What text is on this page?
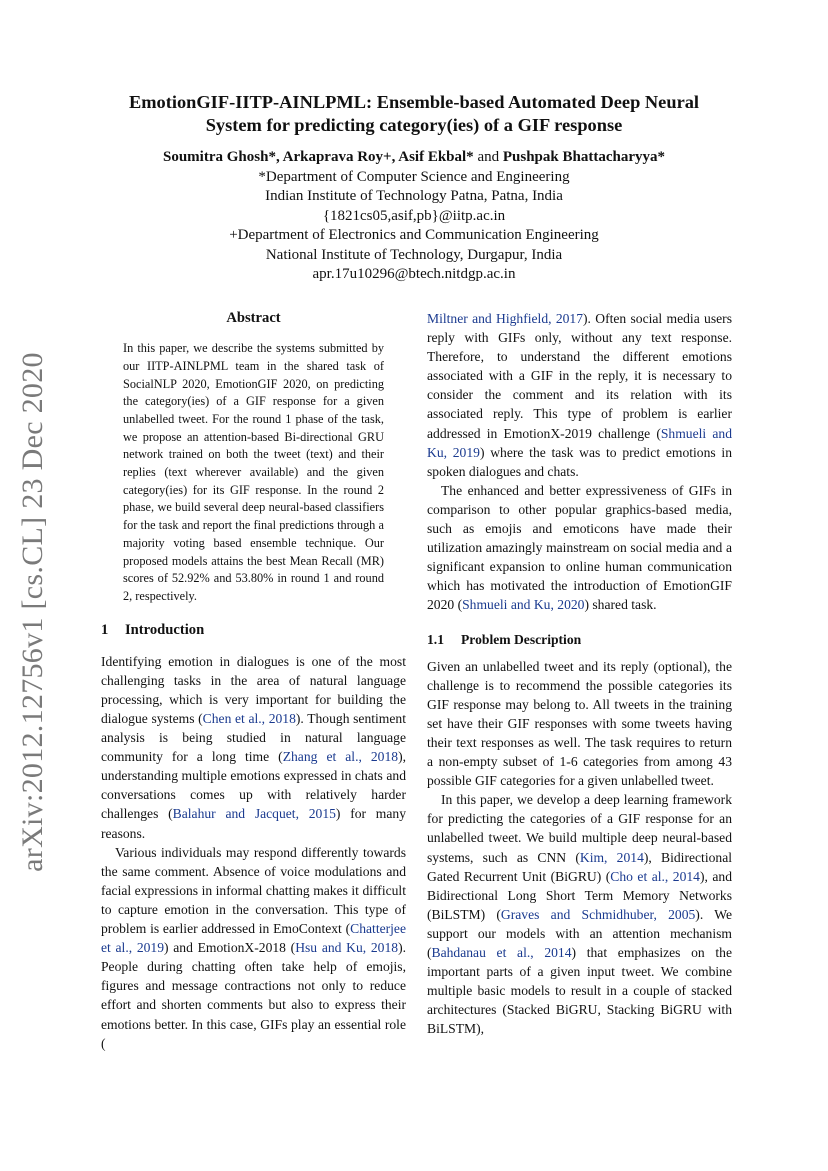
arXiv:2012.12756v1 [cs.CL] 23 Dec 2020
EmotionGIF-IITP-AINLPML: Ensemble-based Automated Deep Neural
System for predicting category(ies) of a GIF response
Soumitra Ghosh*, Arkaprava Roy+, Asif Ekbal* and Pushpak Bhattacharyya*
*Department of Computer Science and Engineering
Indian Institute of Technology Patna, Patna, India
{1821cs05,asif,pb}@iitp.ac.in
+Department of Electronics and Communication Engineering
National Institute of Technology, Durgapur, India
apr.17u10296@btech.nitdgp.ac.in
Abstract
In this paper, we describe the systems submitted by our IITP-AINLPML team in the shared task of SocialNLP 2020, EmotionGIF 2020, on predicting the category(ies) of a GIF response for a given unlabelled tweet. For the round 1 phase of the task, we propose an attention-based Bi-directional GRU network trained on both the tweet (text) and their replies (text wherever available) and the given category(ies) for its GIF response. In the round 2 phase, we build several deep neural-based classifiers for the task and report the final predictions through a majority voting based ensemble technique. Our proposed models attains the best Mean Recall (MR) scores of 52.92% and 53.80% in round 1 and round 2, respectively.
1 Introduction

Identifying emotion in dialogues is one of the most challenging tasks in the area of natural language processing, which is very important for building the dialogue systems (Chen et al., 2018). Though sentiment analysis is being studied in natural language community for a long time (Zhang et al., 2018), understanding multiple emotions expressed in chats and conversations comes up with relatively harder challenges (Balahur and Jacquet, 2015) for many reasons.

Various individuals may respond differently towards the same comment. Absence of voice modulations and facial expressions in informal chatting makes it difficult to capture emotion in the conversation. This type of problem is earlier addressed in EmoContext (Chatterjee et al., 2019) and EmotionX-2018 (Hsu and Ku, 2018). People during chatting often take help of emojis, figures and message contractions not only to reduce effort and shorten comments but also to express their emotions better. In this case, GIFs play an essential role (

Miltner and Highfield, 2017). Often social media users reply with GIFs only, without any text response. Therefore, to understand the different emotions associated with a GIF in the reply, it is necessary to consider the comment and its relation with its associated reply. This type of problem is earlier addressed in EmotionX-2019 challenge (Shmueli and Ku, 2019) where the task was to predict emotions in spoken dialogues and chats.

The enhanced and better expressiveness of GIFs in comparison to other popular graphics-based media, such as emojis and emoticons have made their utilization amazingly mainstream on social media and a significant expansion to online human communication which has motivated the introduction of EmotionGIF 2020 (Shmueli and Ku, 2020) shared task.

1.1 Problem Description

Given an unlabelled tweet and its reply (optional), the challenge is to recommend the possible categories its GIF response may belong to. All tweets in the training set have their GIF responses with some tweets having their text responses as well. The task requires to return a non-empty subset of 1-6 categories from among 43 possible GIF categories for a given unlabelled tweet.

In this paper, we develop a deep learning framework for predicting the categories of a GIF response for an unlabelled tweet. We build multiple deep neural-based systems, such as CNN (Kim, 2014), Bidirectional Gated Recurrent Unit (BiGRU) (Cho et al., 2014), and Bidirectional Long Short Term Memory Networks (BiLSTM) (Graves and Schmidhuber, 2005). We support our models with an attention mechanism (Bahdanau et al., 2014) that emphasizes on the important parts of a given input tweet. We combine multiple basic models to result in a couple of stacked architectures (Stacked BiGRU, Stacking BiGRU with BiLSTM),
